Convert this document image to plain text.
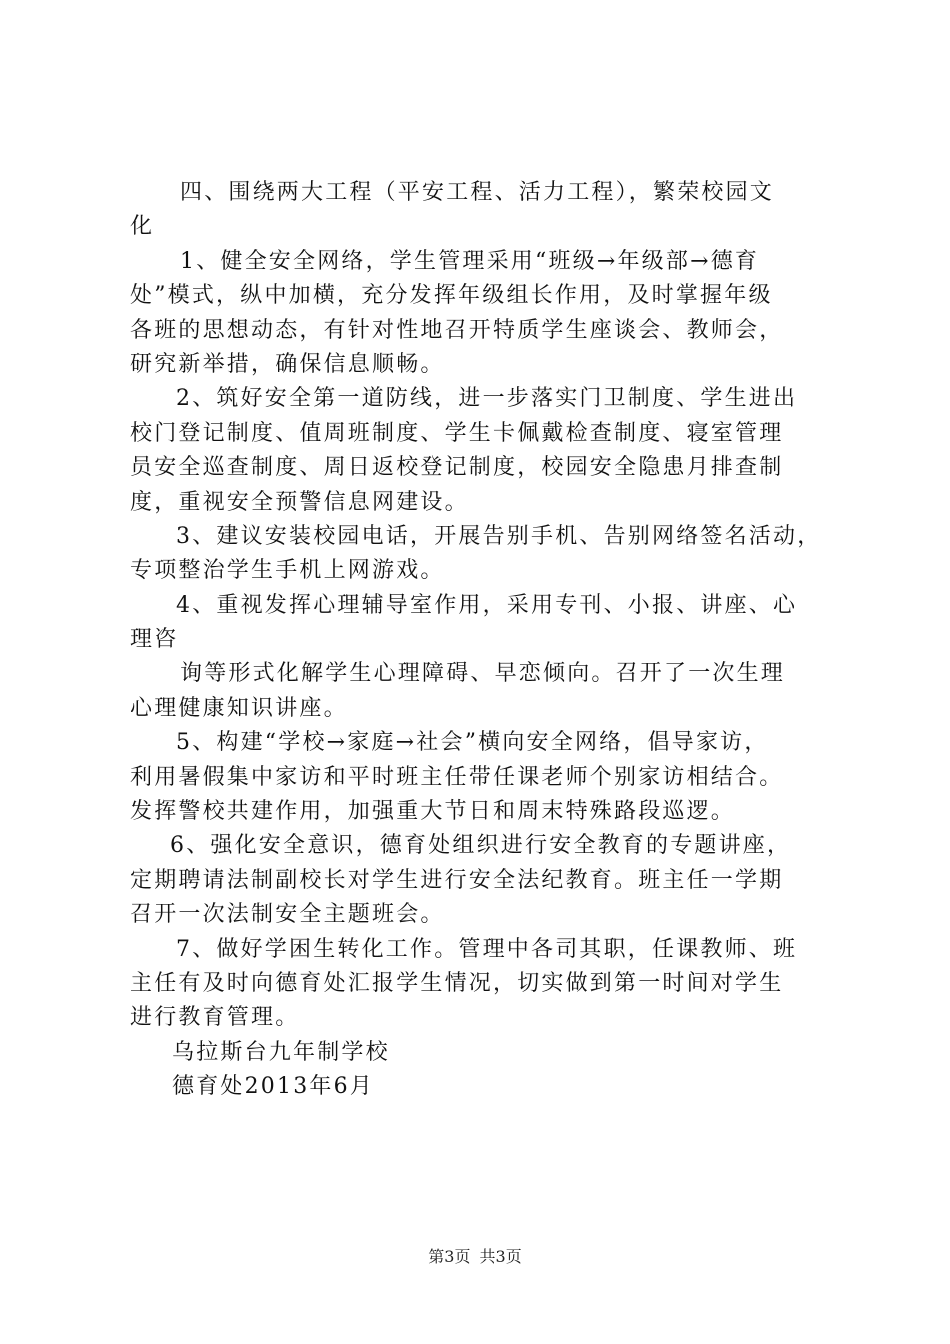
四、围绕两大工程（平安工程、活力工程），繁荣校园文
化
1、健全安全网络，学生管理采用“班级→年级部→德育
处”模式，纵中加横，充分发挥年级组长作用，及时掌握年级
各班的思想动态，有针对性地召开特质学生座谈会、教师会，
研究新举措，确保信息顺畅。
2、筑好安全第一道防线，进一步落实门卫制度、学生进出
校门登记制度、值周班制度、学生卡佩戴检查制度、寝室管理
员安全巡查制度、周日返校登记制度，校园安全隐患月排查制
度，重视安全预警信息网建设。
3、建议安装校园电话，开展告别手机、告别网络签名活动，
专项整治学生手机上网游戏。
4、重视发挥心理辅导室作用，采用专刊、小报、讲座、心
理咨
询等形式化解学生心理障碍、早恋倾向。召开了一次生理
心理健康知识讲座。
5、构建“学校→家庭→社会”横向安全网络，倡导家访，
利用暑假集中家访和平时班主任带任课老师个别家访相结合。
发挥警校共建作用，加强重大节日和周末特殊路段巡逻。
6、强化安全意识，德育处组织进行安全教育的专题讲座，
定期聘请法制副校长对学生进行安全法纪教育。班主任一学期
召开一次法制安全主题班会。
7、做好学困生转化工作。管理中各司其职，任课教师、班
主任有及时向德育处汇报学生情况，切实做到第一时间对学生
进行教育管理。
乌拉斯台九年制学校
德育处2013年6月
第3页 共3页
